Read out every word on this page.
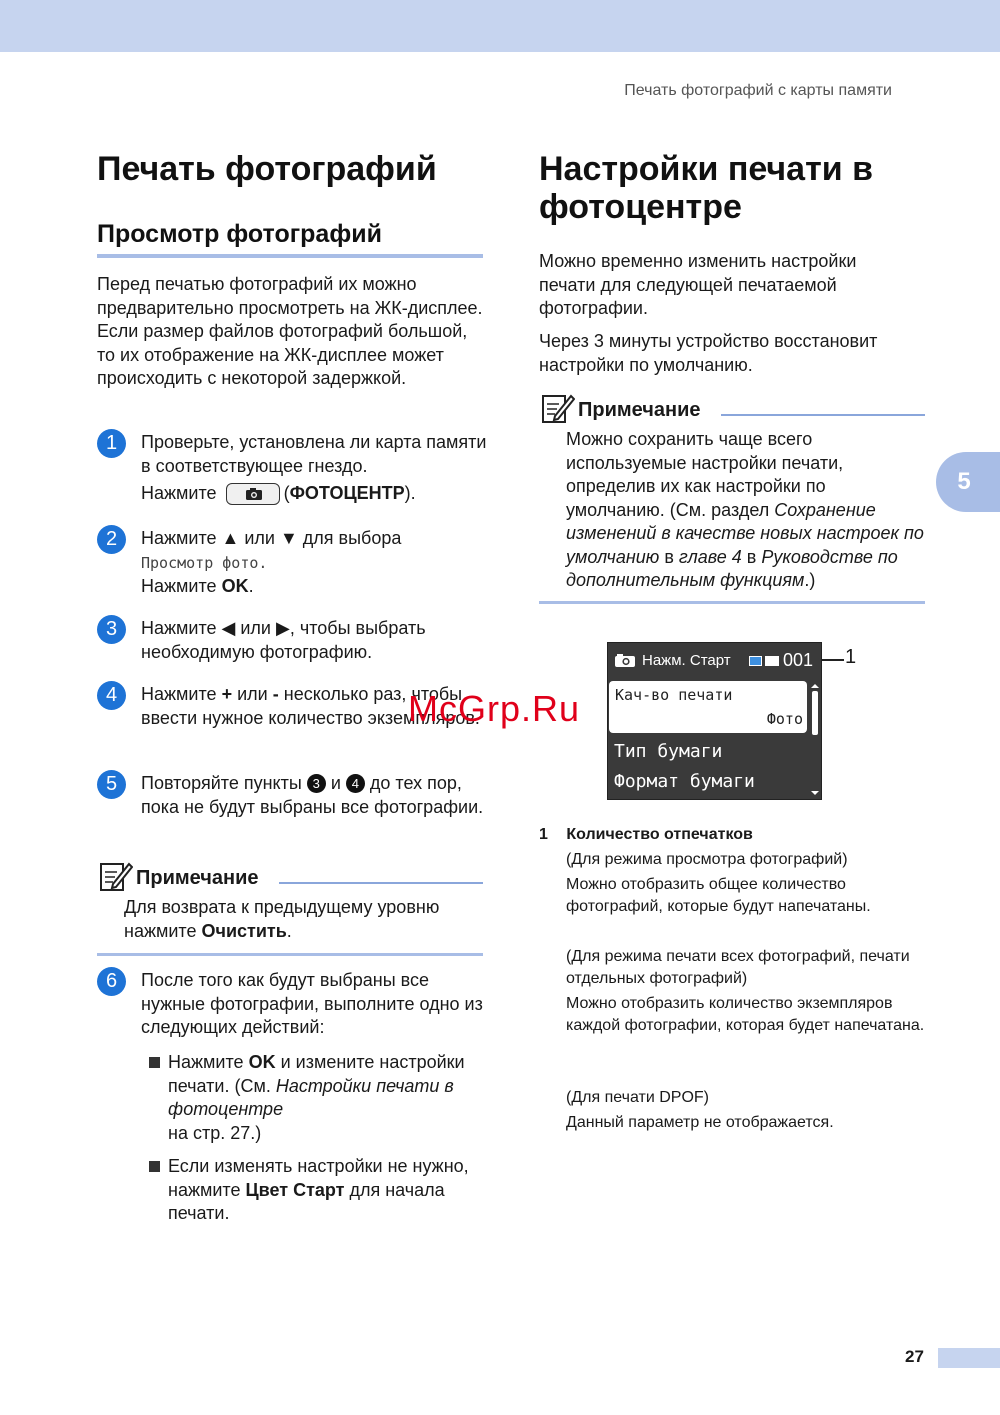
Печать фотографий с карты памяти
Печать фотографий
Просмотр фотографий
Перед печатью фотографий их можно предварительно просмотреть на ЖК-дисплее. Если размер файлов фотографий большой, то их отображение на ЖК-дисплее может происходить с некоторой задержкой.
1	Проверьте, установлена ли карта памяти в соответствующее гнездо.
Нажмите	(ФОТОЦЕНТР).
2	Нажмите ▲ или ▼ для выбора
Просмотр фото.
Нажмите OK.
3	Нажмите ◀ или ▶, чтобы выбрать необходимую фотографию.
4	Нажмите + или - несколько раз, чтобы ввести нужное количество экземпляров.
5	Повторяйте пункты 3 и 4 до тех пор, пока не будут выбраны все фотографии.
Примечание
Для возврата к предыдущему уровню нажмите Очистить.
6	После того как будут выбраны все нужные фотографии, выполните одно из следующих действий:
Нажмите OK и измените настройки печати. (См. Настройки печати в фотоцентре
на стр. 27.)
Если изменять настройки не нужно, нажмите Цвет Старт для начала печати.
Настройки печати в
фотоцентре
Можно временно изменить настройки печати для следующей печатаемой фотографии.
Через 3 минуты устройство восстановит настройки по умолчанию.
Примечание
Можно сохранить чаще всего используемые настройки печати, определив их как настройки по умолчанию. (См. раздел Сохранение изменений в качестве новых настроек по умолчанию в главе 4 в Руководстве по дополнительным функциям.)
5
Нажм. Старт	001
Кач-во печати
Фото
Тип бумаги
Формат бумаги
1
1 Количество отпечатков
(Для режима просмотра фотографий)
Можно отобразить общее количество фотографий, которые будут напечатаны.
(Для режима печати всех фотографий, печати отдельных фотографий)
Можно отобразить количество экземпляров каждой фотографии, которая будет напечатана.
(Для печати DPOF)
Данный параметр не отображается.
McGrp.Ru
27
